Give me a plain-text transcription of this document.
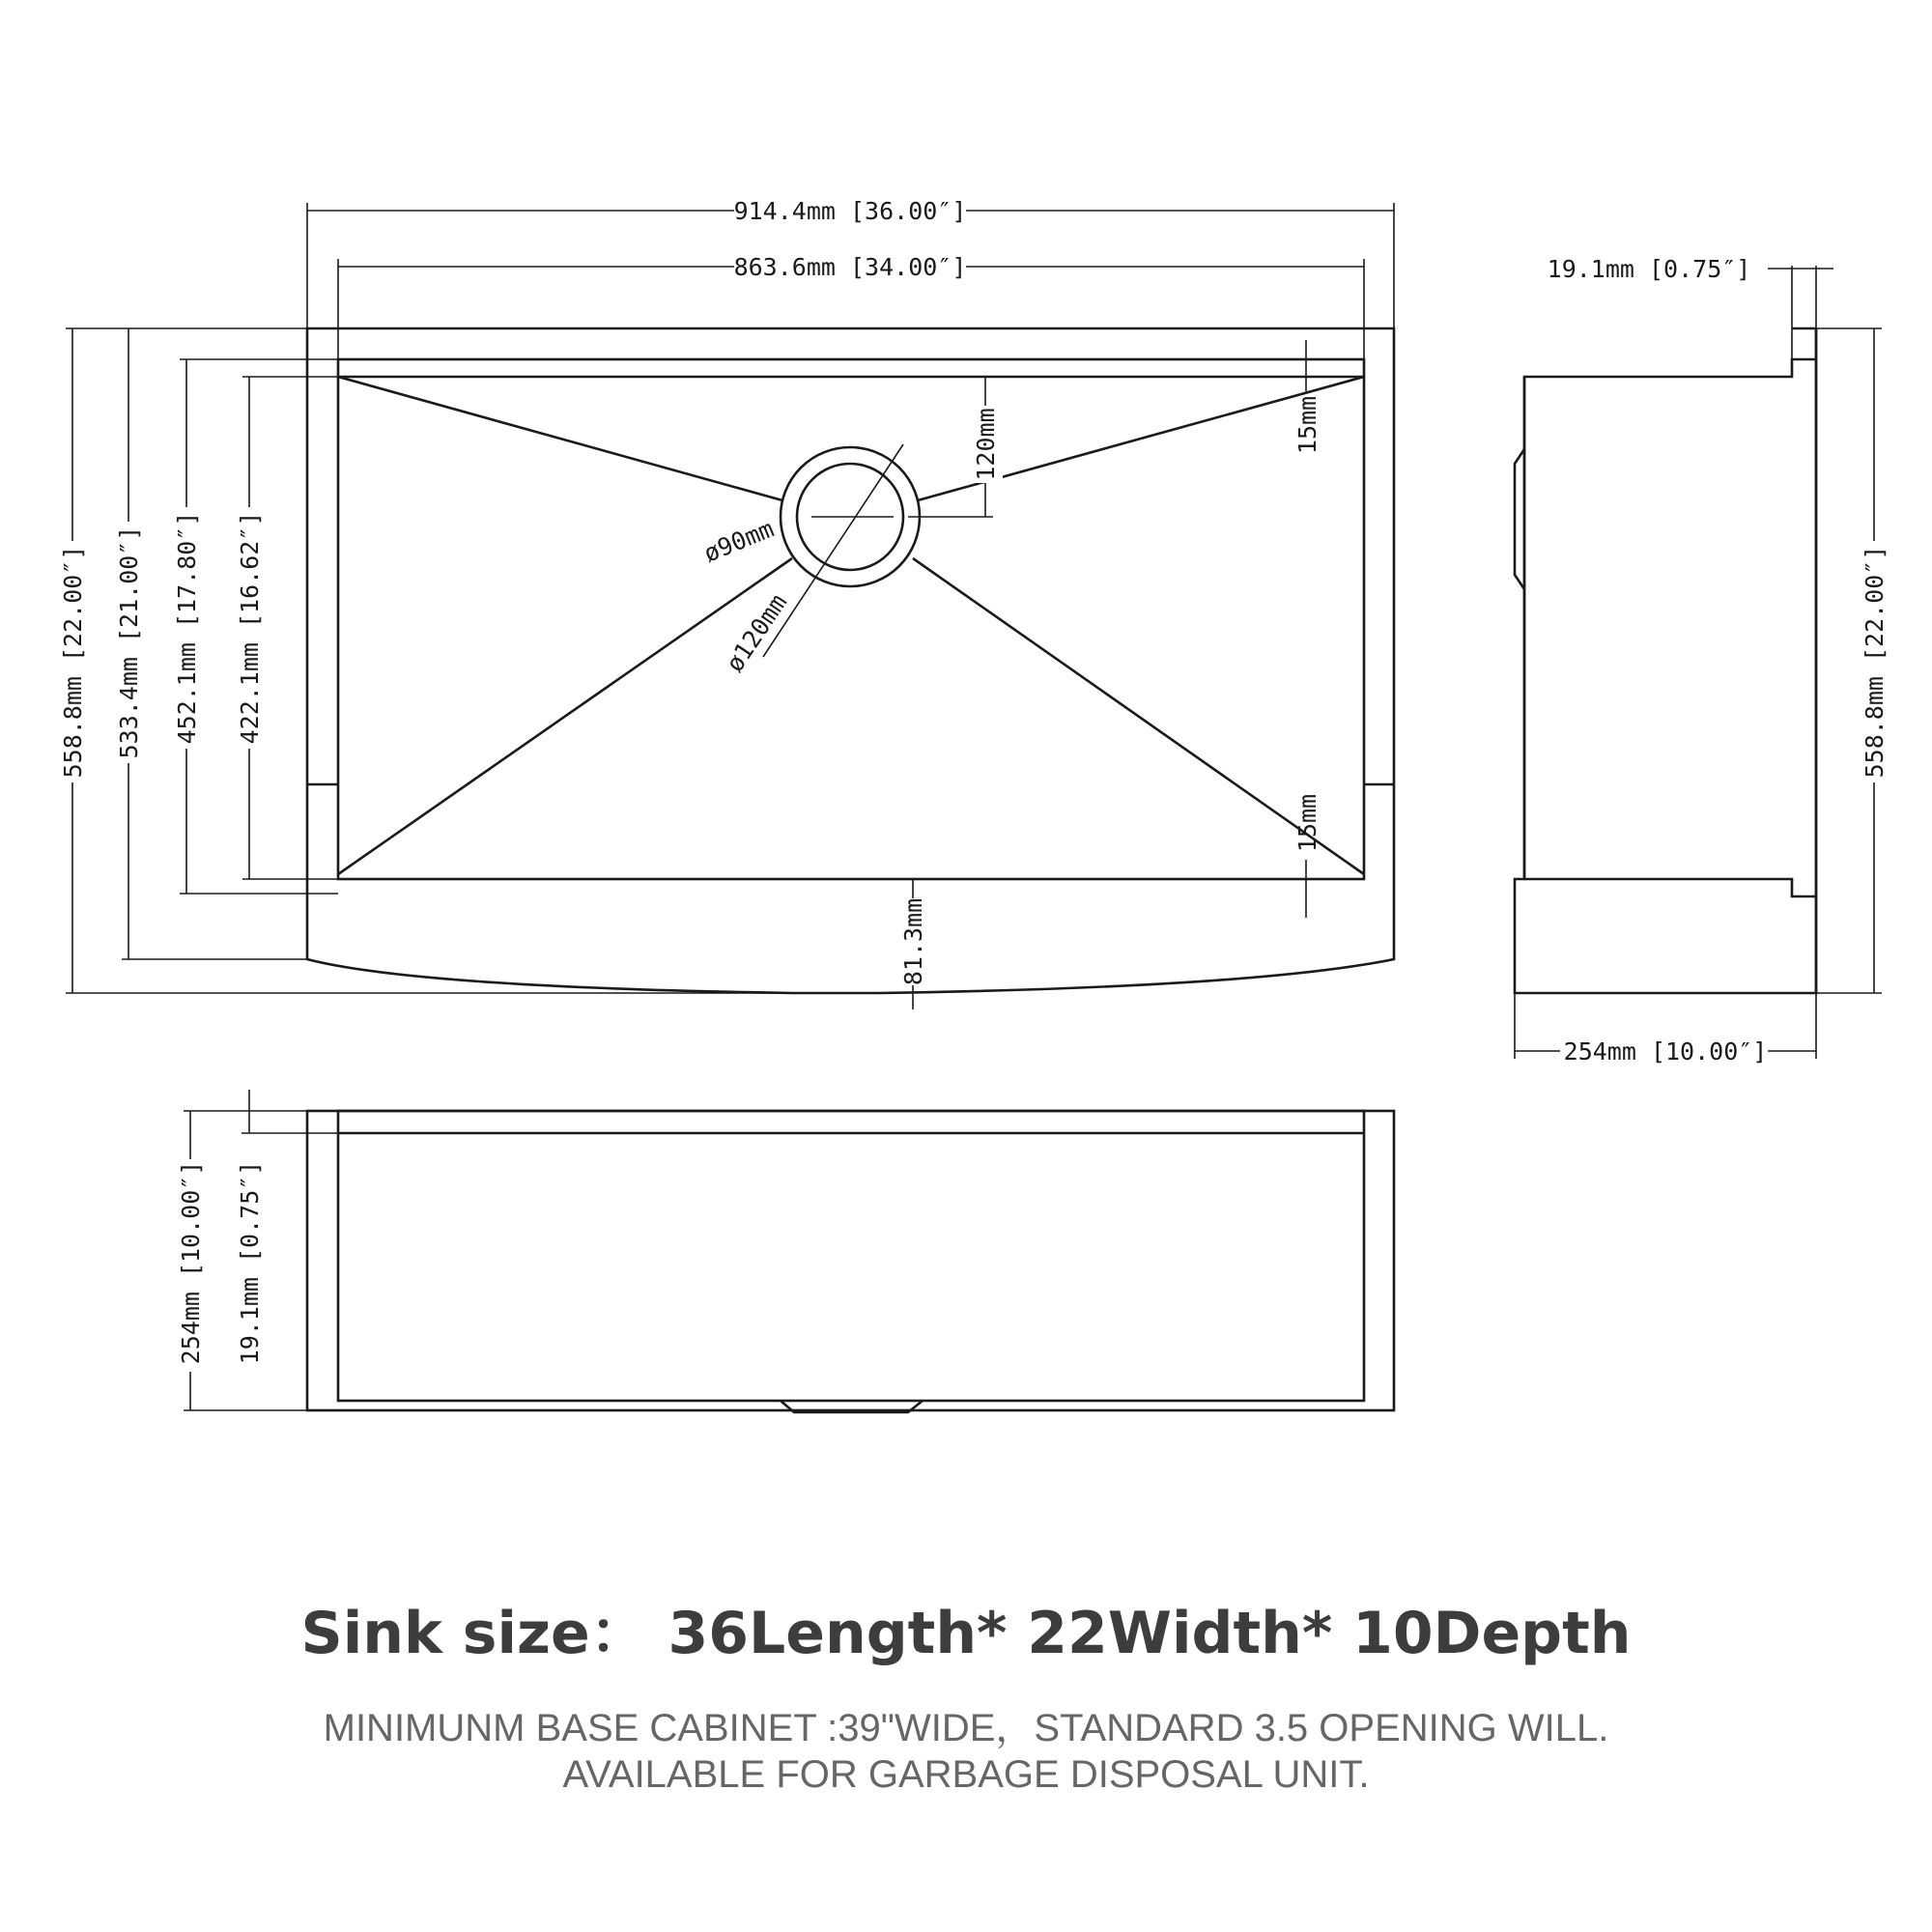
914.4mm [36.00″]
863.6mm [34.00″]
558.8mm [22.00″] 533.4mm [21.00″] 452.1mm [17.80″] 422.1mm [16.62″]
120mm
ø90mm
ø120mm
15mm
15mm
81.3mm
19.1mm [0.75″]
558.8mm [22.00″]
254mm [10.00″]
254mm [10.00″] 19.1mm [0.75″]
Sink size： 36Length* 22Width* 10Depth

MINIMUNM BASE CABINET :39"WIDE，STANDARD 3.5 OPENING WILL.

AVAILABLE FOR GARBAGE DISPOSAL UNIT.
